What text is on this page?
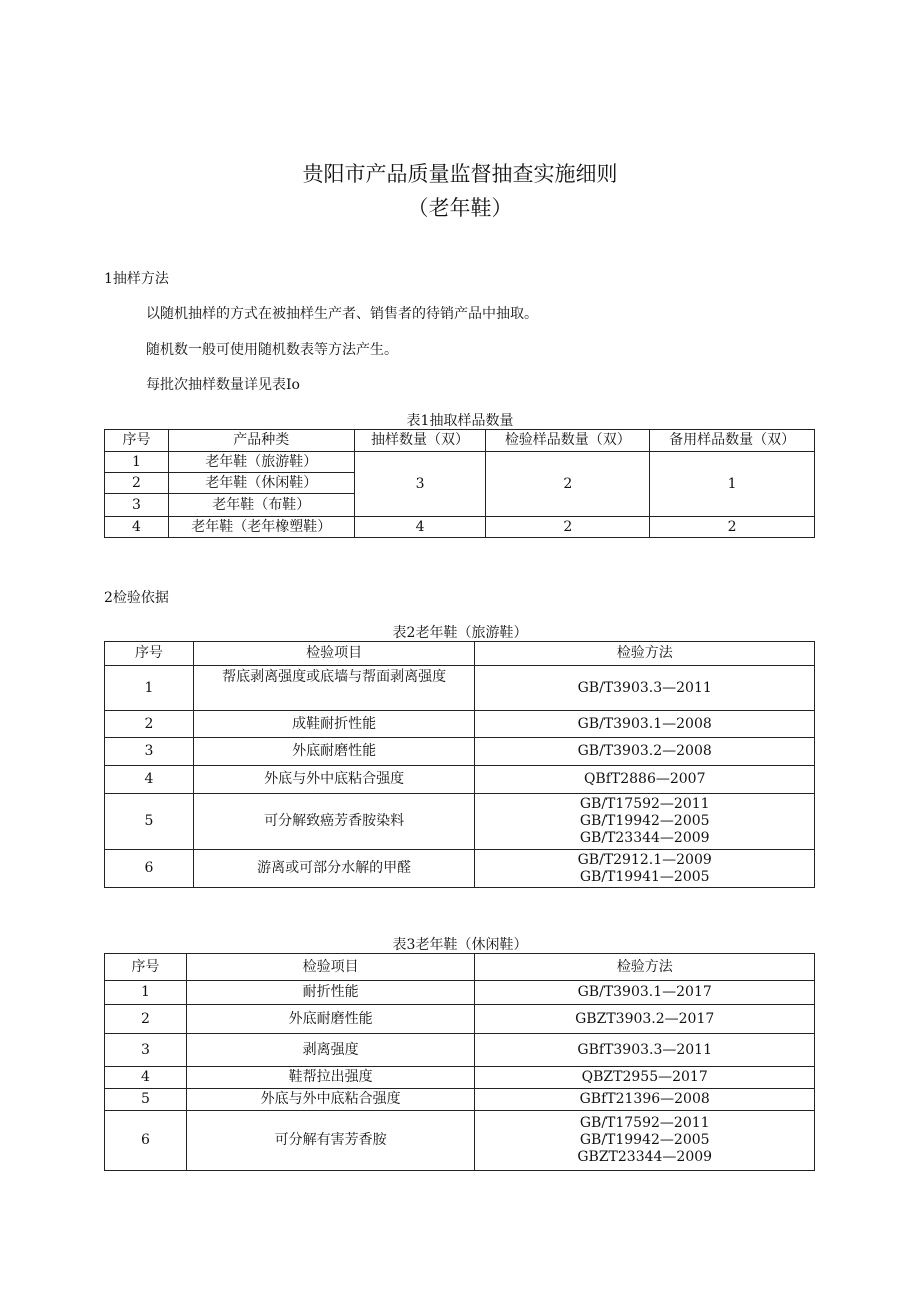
贵阳市产品质量监督抽查实施细则
（老年鞋）
1抽样方法
以随机抽样的方式在被抽样生产者、销售者的待销产品中抽取。
随机数一般可使用随机数表等方法产生。
每批次抽样数量详见表Io
表1抽取样品数量
序号	产品种类	抽样数量（双）	检验样品数量（双）	备用样品数量（双）
1	老年鞋（旅游鞋）	3	2	1
2	老年鞋（休闲鞋）			
3	老年鞋（布鞋）			
4	老年鞋（老年橡塑鞋）	4	2	2
2检验依据
表2老年鞋（旅游鞋）
序号	检验项目	检验方法
1	帮底剥离强度或底墙与帮面剥离强度	GB/T3903.3—2011
2	成鞋耐折性能	GB/T3903.1—2008
3	外底耐磨性能	GB/T3903.2—2008
4	外底与外中底粘合强度	QBfT2886—2007
5	可分解致癌芳香胺染料	GB/T17592—2011
GB/T19942—2005
GB/T23344—2009

6	游离或可部分水解的甲醛	GB/T2912.1—2009
GB/T19941—2005
表3老年鞋（休闲鞋）
序号	检验项目	检验方法
1	耐折性能	GB/T3903.1—2017
2	外底耐磨性能	GBZT3903.2—2017
3	剥离强度	GBfT3903.3—2011
4	鞋帮拉出强度	QBZT2955—2017
5	外底与外中底粘合强度	GBfT21396—2008
6	可分解有害芳香胺	GB/T17592—2011
GB/T19942—2005
GBZT23344—2009
